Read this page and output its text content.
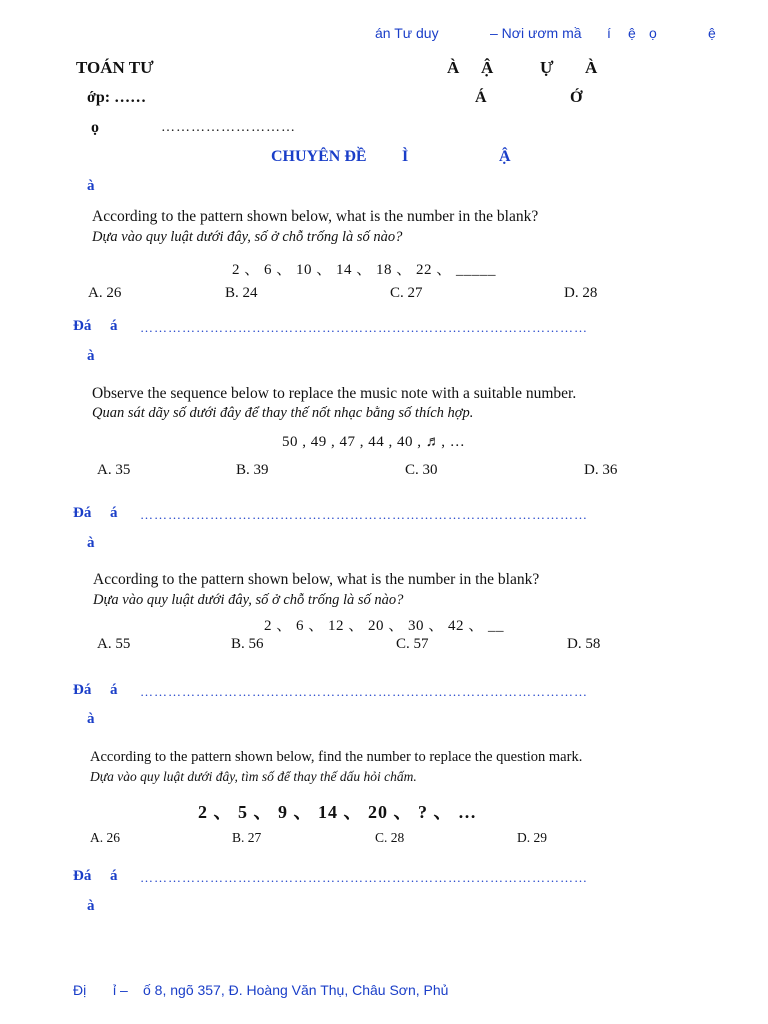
án Tư duy	– Nơi ươm mầ í ệ ọ	ệ
TOÁN TƯ	À Ậ	Ự À
ớp: ……	Á	Ớ
ọ	………………………
CHUYÊN ĐỀ Ì	Ậ
à
According to the pattern shown below, what is the number in the blank?
Dựa vào quy luật dưới đây, số ở chỗ trống là số nào?
2 、 6 、 10 、 14 、 18 、 22 、 _____
A. 26	B. 24	C. 27	D. 28
Đá á ……………………………………………………………………………………
à
Observe the sequence below to replace the music note with a suitable number.
Quan sát dãy số dưới đây để thay thế nốt nhạc bằng số thích hợp.
50 , 49 , 47 , 44 , 40 , ♬, …
A. 35	B. 39	C. 30	D. 36
Đá á ……………………………………………………………………………………
à
According to the pattern shown below, what is the number in the blank?
Dựa vào quy luật dưới đây, số ở chỗ trống là số nào?
2 、 6 、 12 、 20 、 30 、 42 、 __
A. 55	B. 56	C. 57	D. 58
Đá á ……………………………………………………………………………………
à
According to the pattern shown below, find the number to replace the question mark.
Dựa vào quy luật dưới đây, tìm số để thay thế dấu hỏi chấm.
2 、 5 、 9 、 14 、 20 、 ? 、 …
A. 26	B. 27	C. 28	D. 29
Đá á ……………………………………………………………………………………
à
Đị ỉ – ố 8, ngõ 357, Đ. Hoàng Văn Thụ, Châu Sơn, Phủ
